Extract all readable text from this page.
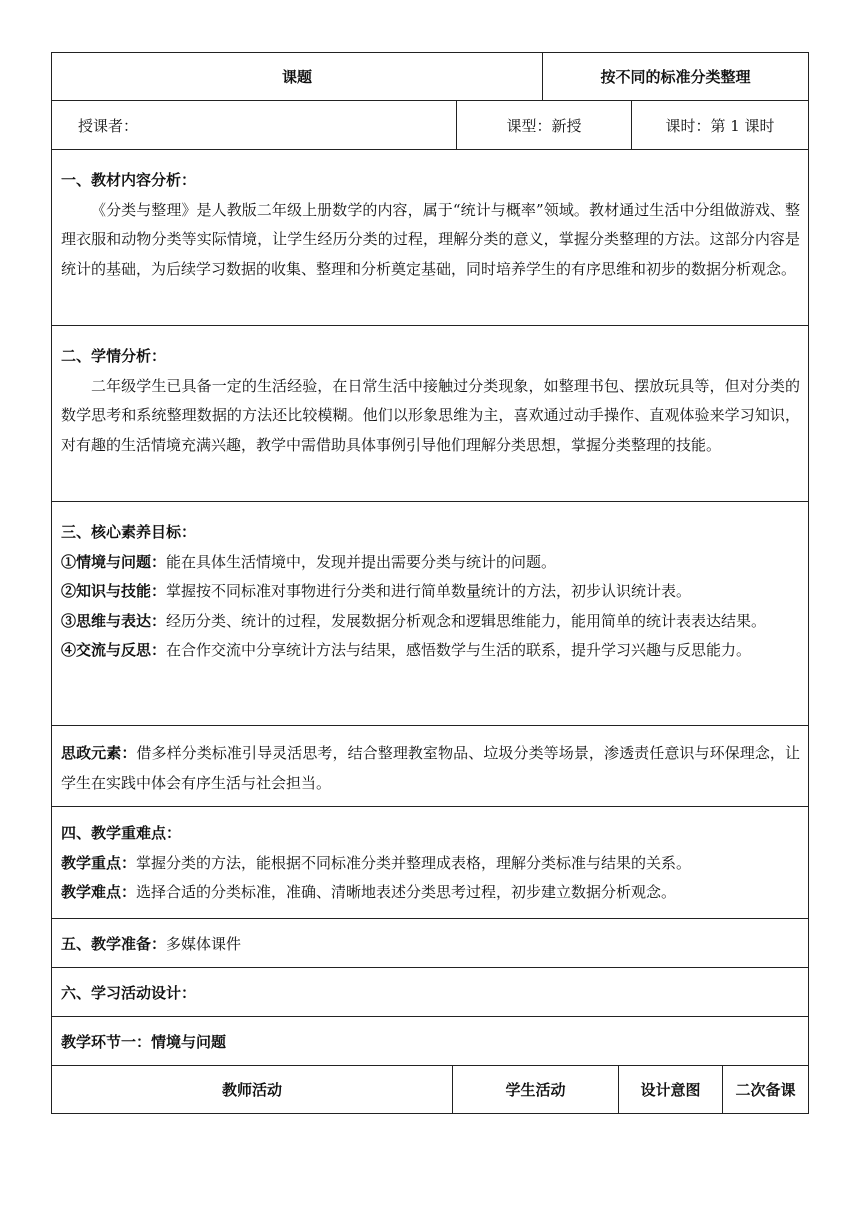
课题	按不同的标准分类整理
授课者：	课型：新授	课时：第 1 课时

一、教材内容分析：

《分类与整理》是人教版二年级上册数学的内容，属于“统计与概率”领域。教材通过生活中分组做游戏、整理衣服和动物分类等实际情境，让学生经历分类的过程，理解分类的意义，掌握分类整理的方法。这部分内容是统计的基础，为后续学习数据的收集、整理和分析奠定基础，同时培养学生的有序思维和初步的数据分析观念。

二、学情分析：

二年级学生已具备一定的生活经验，在日常生活中接触过分类现象，如整理书包、摆放玩具等，但对分类的数学思考和系统整理数据的方法还比较模糊。他们以形象思维为主，喜欢通过动手操作、直观体验来学习知识，对有趣的生活情境充满兴趣，教学中需借助具体事例引导他们理解分类思想，掌握分类整理的技能。

三、核心素养目标：

①情境与问题：能在具体生活情境中，发现并提出需要分类与统计的问题。

②知识与技能：掌握按不同标准对事物进行分类和进行简单数量统计的方法，初步认识统计表。

③思维与表达：经历分类、统计的过程，发展数据分析观念和逻辑思维能力，能用简单的统计表表达结果。

④交流与反思：在合作交流中分享统计方法与结果，感悟数学与生活的联系，提升学习兴趣与反思能力。

思政元素：借多样分类标准引导灵活思考，结合整理教室物品、垃圾分类等场景，渗透责任意识与环保理念，让学生在实践中体会有序生活与社会担当。

四、教学重难点：

教学重点：掌握分类的方法，能根据不同标准分类并整理成表格，理解分类标准与结果的关系。

教学难点：选择合适的分类标准，准确、清晰地表述分类思考过程，初步建立数据分析观念。

五、教学准备： 多媒体课件
六、学习活动设计：
教学环节一：情境与问题
教师活动	学生活动	设计意图	二次备课
